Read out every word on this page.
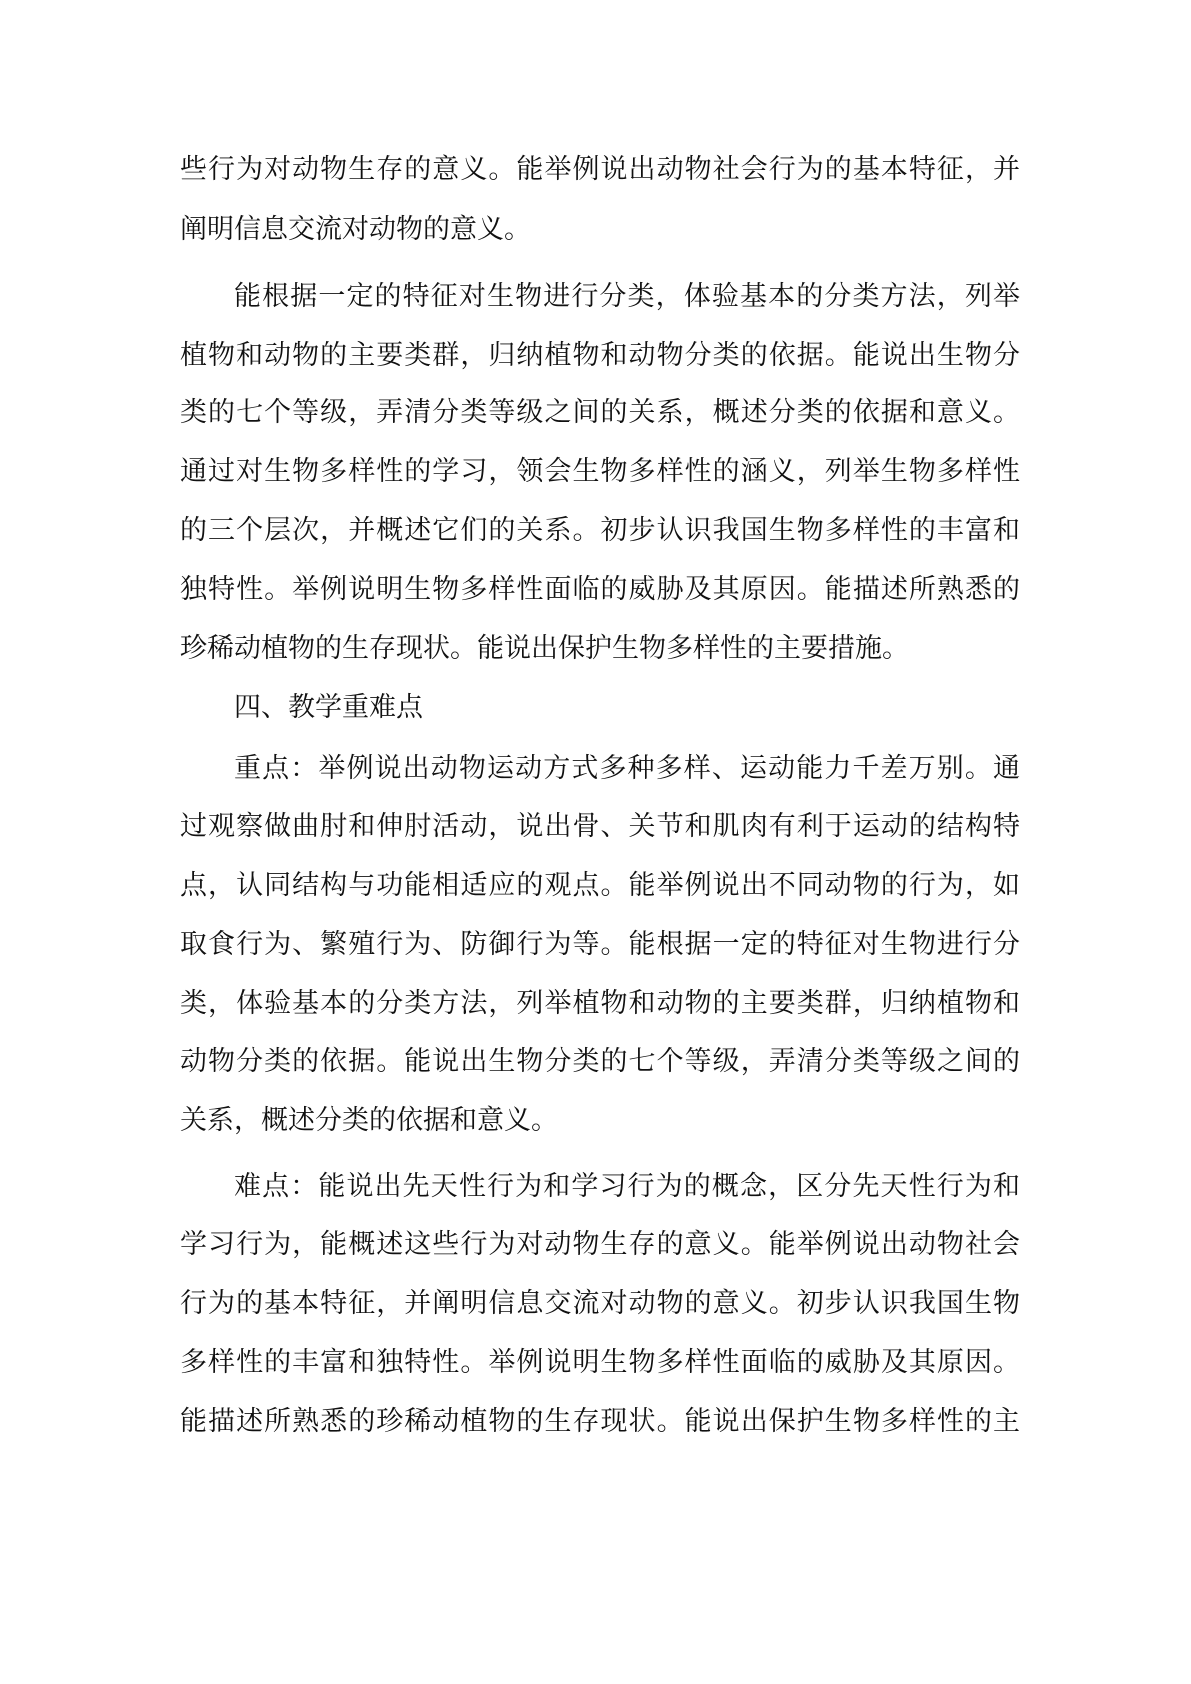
些行为对动物生存的意义。能举例说出动物社会行为的基本特征，并
阐明信息交流对动物的意义。
能根据一定的特征对生物进行分类，体验基本的分类方法，列举
植物和动物的主要类群，归纳植物和动物分类的依据。能说出生物分
类的七个等级，弄清分类等级之间的关系，概述分类的依据和意义。
通过对生物多样性的学习，领会生物多样性的涵义，列举生物多样性
的三个层次，并概述它们的关系。初步认识我国生物多样性的丰富和
独特性。举例说明生物多样性面临的威胁及其原因。能描述所熟悉的
珍稀动植物的生存现状。能说出保护生物多样性的主要措施。
四、教学重难点
重点：举例说出动物运动方式多种多样、运动能力千差万别。通
过观察做曲肘和伸肘活动，说出骨、关节和肌肉有利于运动的结构特
点，认同结构与功能相适应的观点。能举例说出不同动物的行为，如
取食行为、繁殖行为、防御行为等。能根据一定的特征对生物进行分
类，体验基本的分类方法，列举植物和动物的主要类群，归纳植物和
动物分类的依据。能说出生物分类的七个等级，弄清分类等级之间的
关系，概述分类的依据和意义。
难点：能说出先天性行为和学习行为的概念，区分先天性行为和
学习行为，能概述这些行为对动物生存的意义。能举例说出动物社会
行为的基本特征，并阐明信息交流对动物的意义。初步认识我国生物
多样性的丰富和独特性。举例说明生物多样性面临的威胁及其原因。
能描述所熟悉的珍稀动植物的生存现状。能说出保护生物多样性的主
